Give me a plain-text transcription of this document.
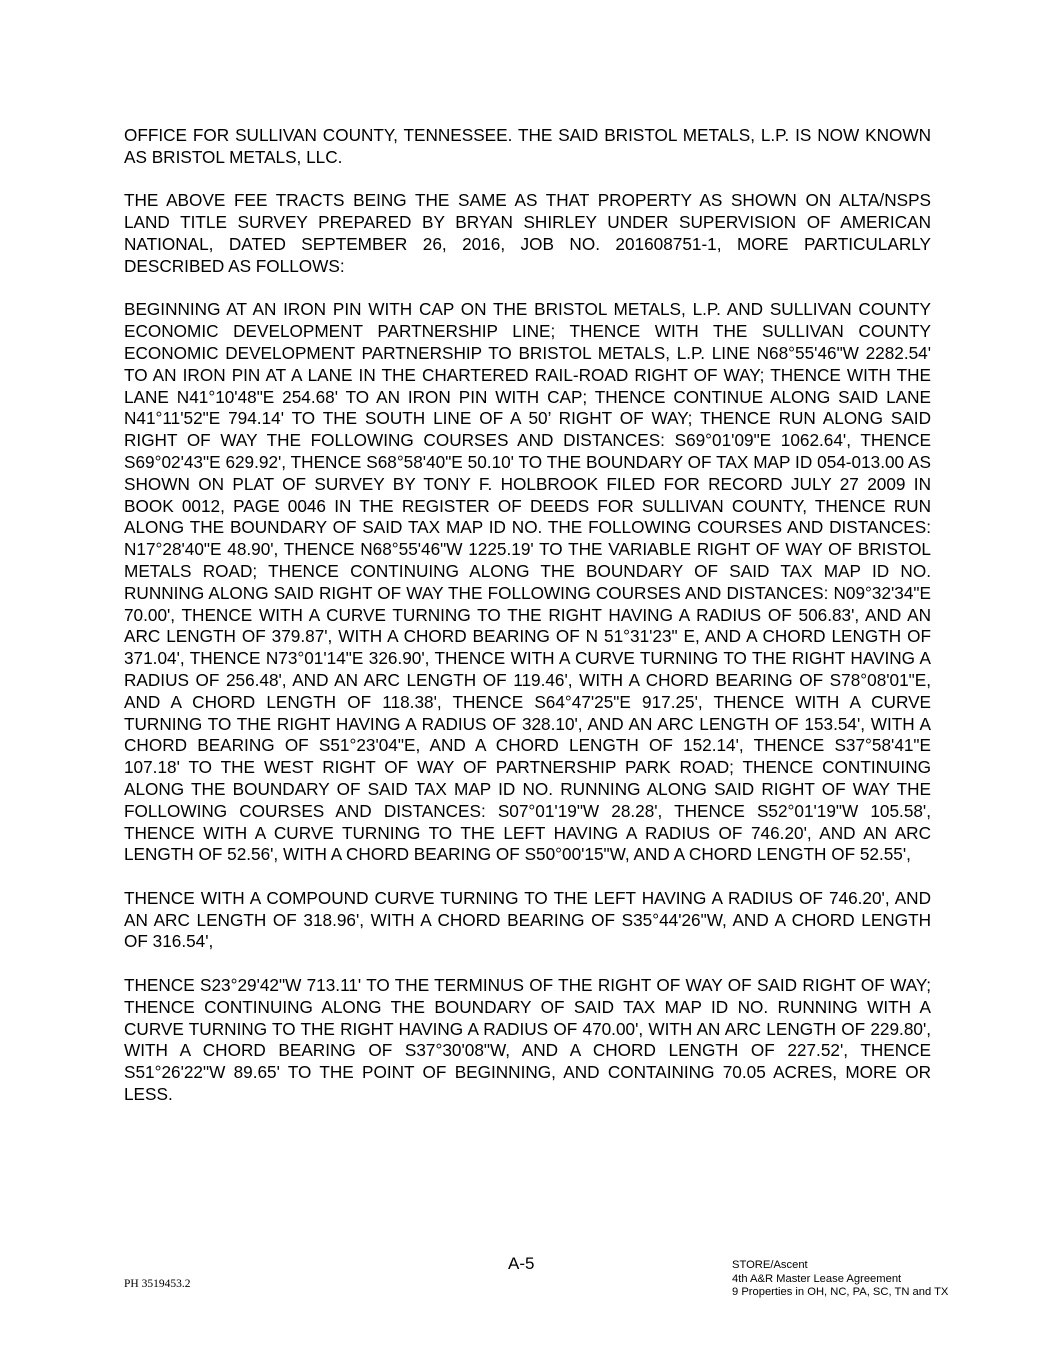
OFFICE FOR SULLIVAN COUNTY, TENNESSEE. THE SAID BRISTOL METALS, L.P. IS NOW KNOWN AS BRISTOL METALS, LLC.

THE ABOVE FEE TRACTS BEING THE SAME AS THAT PROPERTY AS SHOWN ON ALTA/NSPS LAND TITLE SURVEY PREPARED BY BRYAN SHIRLEY UNDER SUPERVISION OF AMERICAN NATIONAL, DATED SEPTEMBER 26, 2016, JOB NO. 201608751-1, MORE PARTICULARLY DESCRIBED AS FOLLOWS:

BEGINNING AT AN IRON PIN WITH CAP ON THE BRISTOL METALS, L.P. AND SULLIVAN COUNTY ECONOMIC DEVELOPMENT PARTNERSHIP LINE; THENCE WITH THE SULLIVAN COUNTY ECONOMIC DEVELOPMENT PARTNERSHIP TO BRISTOL METALS, L.P. LINE N68°55'46"W 2282.54' TO AN IRON PIN AT A LANE IN THE CHARTERED RAIL-ROAD RIGHT OF WAY; THENCE WITH THE LANE N41°10'48"E 254.68' TO AN IRON PIN WITH CAP; THENCE CONTINUE ALONG SAID LANE N41°11'52"E 794.14' TO THE SOUTH LINE OF A 50’ RIGHT OF WAY; THENCE RUN ALONG SAID RIGHT OF WAY THE FOLLOWING COURSES AND DISTANCES: S69°01'09"E 1062.64', THENCE S69°02'43"E 629.92', THENCE S68°58'40"E 50.10' TO THE BOUNDARY OF TAX MAP ID 054-013.00 AS SHOWN ON PLAT OF SURVEY BY TONY F. HOLBROOK FILED FOR RECORD JULY 27 2009 IN BOOK 0012, PAGE 0046 IN THE REGISTER OF DEEDS FOR SULLIVAN COUNTY, THENCE RUN ALONG THE BOUNDARY OF SAID TAX MAP ID NO. THE FOLLOWING COURSES AND DISTANCES: N17°28'40"E 48.90', THENCE N68°55'46"W 1225.19' TO THE VARIABLE RIGHT OF WAY OF BRISTOL METALS ROAD; THENCE CONTINUING ALONG THE BOUNDARY OF SAID TAX MAP ID NO. RUNNING ALONG SAID RIGHT OF WAY THE FOLLOWING COURSES AND DISTANCES: N09°32'34"E 70.00', THENCE WITH A CURVE TURNING TO THE RIGHT HAVING A RADIUS OF 506.83', AND AN ARC LENGTH OF 379.87', WITH A CHORD BEARING OF N 51°31'23" E, AND A CHORD LENGTH OF 371.04', THENCE N73°01'14"E 326.90', THENCE WITH A CURVE TURNING TO THE RIGHT HAVING A RADIUS OF 256.48', AND AN ARC LENGTH OF 119.46', WITH A CHORD BEARING OF S78°08'01"E, AND A CHORD LENGTH OF 118.38', THENCE S64°47'25"E 917.25', THENCE WITH A CURVE TURNING TO THE RIGHT HAVING A RADIUS OF 328.10', AND AN ARC LENGTH OF 153.54', WITH A CHORD BEARING OF S51°23'04"E, AND A CHORD LENGTH OF 152.14', THENCE S37°58'41"E 107.18' TO THE WEST RIGHT OF WAY OF PARTNERSHIP PARK ROAD; THENCE CONTINUING ALONG THE BOUNDARY OF SAID TAX MAP ID NO. RUNNING ALONG SAID RIGHT OF WAY THE FOLLOWING COURSES AND DISTANCES: S07°01'19"W 28.28', THENCE S52°01'19"W 105.58', THENCE WITH A CURVE TURNING TO THE LEFT HAVING A RADIUS OF 746.20', AND AN ARC LENGTH OF 52.56', WITH A CHORD BEARING OF S50°00'15"W, AND A CHORD LENGTH OF 52.55',

THENCE WITH A COMPOUND CURVE TURNING TO THE LEFT HAVING A RADIUS OF 746.20', AND AN ARC LENGTH OF 318.96', WITH A CHORD BEARING OF S35°44'26"W, AND A CHORD LENGTH OF 316.54',

THENCE S23°29'42"W 713.11' TO THE TERMINUS OF THE RIGHT OF WAY OF SAID RIGHT OF WAY; THENCE CONTINUING ALONG THE BOUNDARY OF SAID TAX MAP ID NO. RUNNING WITH A CURVE TURNING TO THE RIGHT HAVING A RADIUS OF 470.00', WITH AN ARC LENGTH OF 229.80', WITH A CHORD BEARING OF S37°30'08"W, AND A CHORD LENGTH OF 227.52', THENCE S51°26'22"W 89.65' TO THE POINT OF BEGINNING, AND CONTAINING 70.05 ACRES, MORE OR LESS.

A-5
PH 3519453.2
STORE/Ascent
4th A&R Master Lease Agreement
9 Properties in OH, NC, PA, SC, TN and TX
